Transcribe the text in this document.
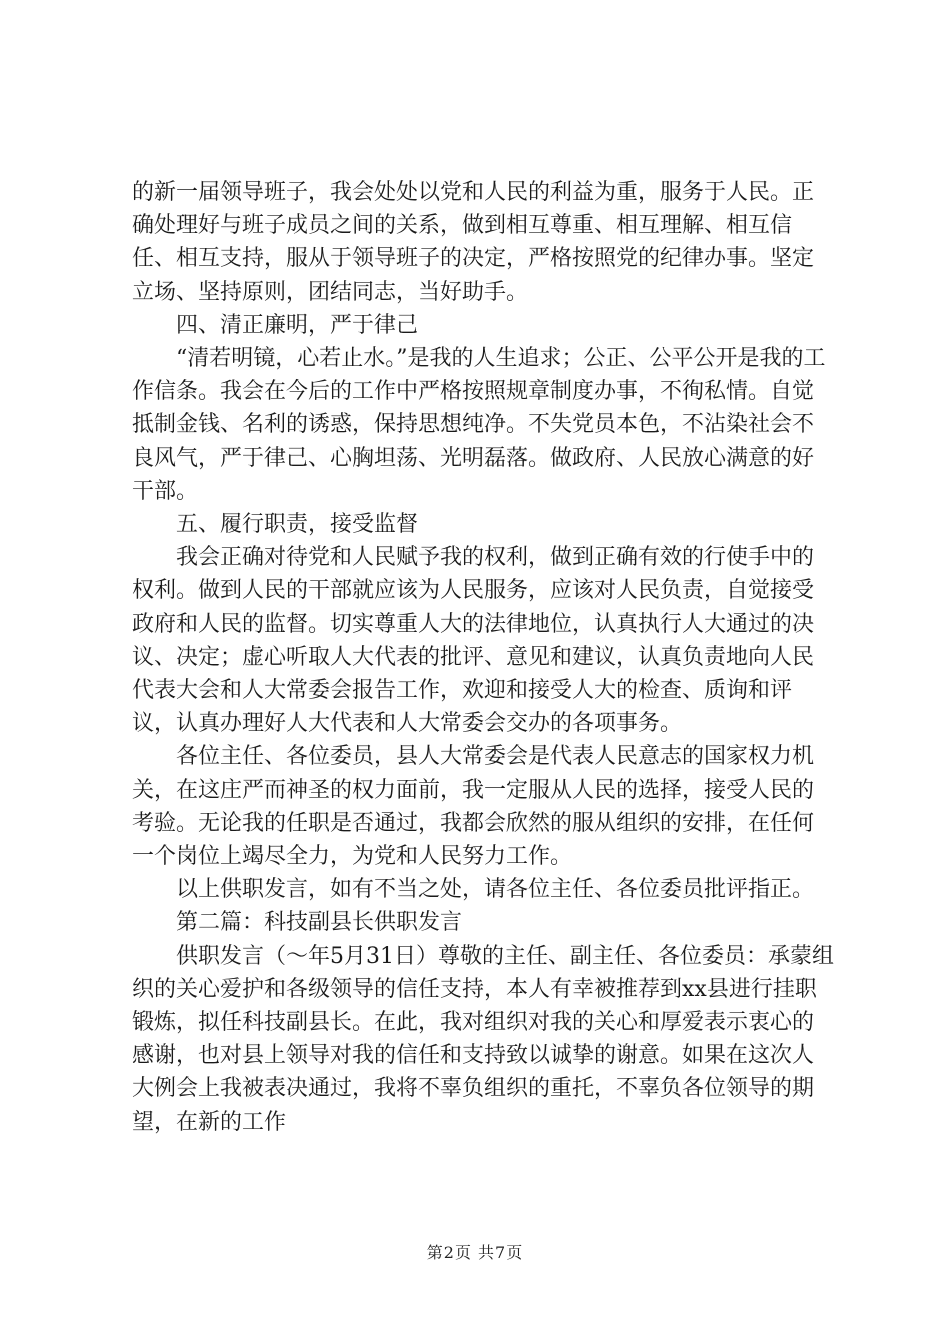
的新一届领导班子，我会处处以党和人民的利益为重，服务于人民。正确处理好与班子成员之间的关系，做到相互尊重、相互理解、相互信任、相互支持，服从于领导班子的决定，严格按照党的纪律办事。坚定立场、坚持原则，团结同志，当好助手。

四、清正廉明，严于律己

“清若明镜，心若止水。”是我的人生追求；公正、公平公开是我的工作信条。我会在今后的工作中严格按照规章制度办事，不徇私情。自觉抵制金钱、名利的诱惑，保持思想纯净。不失党员本色，不沾染社会不良风气，严于律己、心胸坦荡、光明磊落。做政府、人民放心满意的好干部。

五、履行职责，接受监督

我会正确对待党和人民赋予我的权利，做到正确有效的行使手中的权利。做到人民的干部就应该为人民服务，应该对人民负责，自觉接受政府和人民的监督。切实尊重人大的法律地位，认真执行人大通过的决议、决定；虚心听取人大代表的批评、意见和建议，认真负责地向人民代表大会和人大常委会报告工作，欢迎和接受人大的检查、质询和评议，认真办理好人大代表和人大常委会交办的各项事务。

各位主任、各位委员，县人大常委会是代表人民意志的国家权力机关，在这庄严而神圣的权力面前，我一定服从人民的选择，接受人民的考验。无论我的任职是否通过，我都会欣然的服从组织的安排，在任何一个岗位上竭尽全力，为党和人民努力工作。

以上供职发言，如有不当之处，请各位主任、各位委员批评指正。

第二篇：科技副县长供职发言

供职发言（～年5月31日）尊敬的主任、副主任、各位委员：承蒙组织的关心爱护和各级领导的信任支持，本人有幸被推荐到xx县进行挂职锻炼，拟任科技副县长。在此，我对组织对我的关心和厚爱表示衷心的感谢，也对县上领导对我的信任和支持致以诚挚的谢意。如果在这次人大例会上我被表决通过，我将不辜负组织的重托，不辜负各位领导的期望，在新的工作

第2页 共7页
